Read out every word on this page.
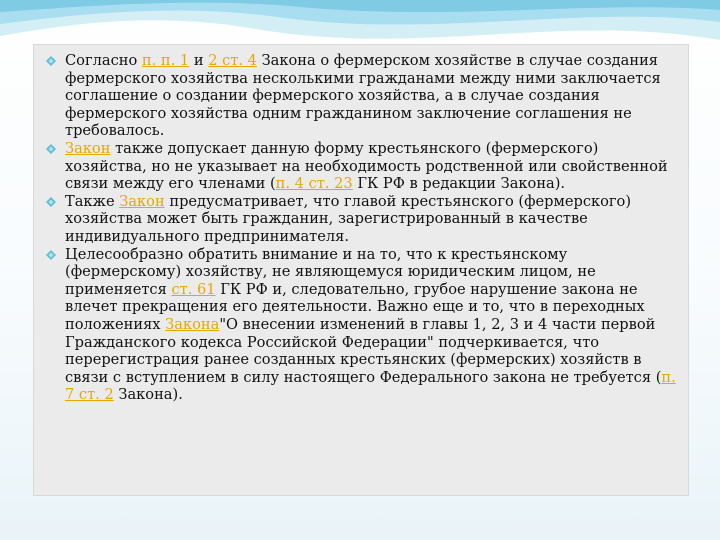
Согласно п. п. 1 и 2 ст. 4 Закона о фермерском хозяйстве в случае создания фермерского хозяйства несколькими гражданами между ними заключается соглашение о создании фермерского хозяйства, а в случае создания фермерского хозяйства одним гражданином заключение соглашения не требовалось.
Закон также допускает данную форму крестьянского (фермерского) хозяйства, но не указывает на необходимость родственной или свойственной связи между его членами (п. 4 ст. 23 ГК РФ в редакции Закона).
Также Закон предусматривает, что главой крестьянского (фермерского) хозяйства может быть гражданин, зарегистрированный в качестве индивидуального предпринимателя.
Целесообразно обратить внимание и на то, что к крестьянскому (фермерскому) хозяйству, не являющемуся юридическим лицом, не применяется ст. 61 ГК РФ и, следовательно, грубое нарушение закона не влечет прекращения его деятельности. Важно еще и то, что в переходных положениях Закона"О внесении изменений в главы 1, 2, 3 и 4 части первой Гражданского кодекса Российской Федерации" подчеркивается, что перерегистрация ранее созданных крестьянских (фермерских) хозяйств в связи с вступлением в силу настоящего Федерального закона не требуется (п. 7 ст. 2 Закона).
